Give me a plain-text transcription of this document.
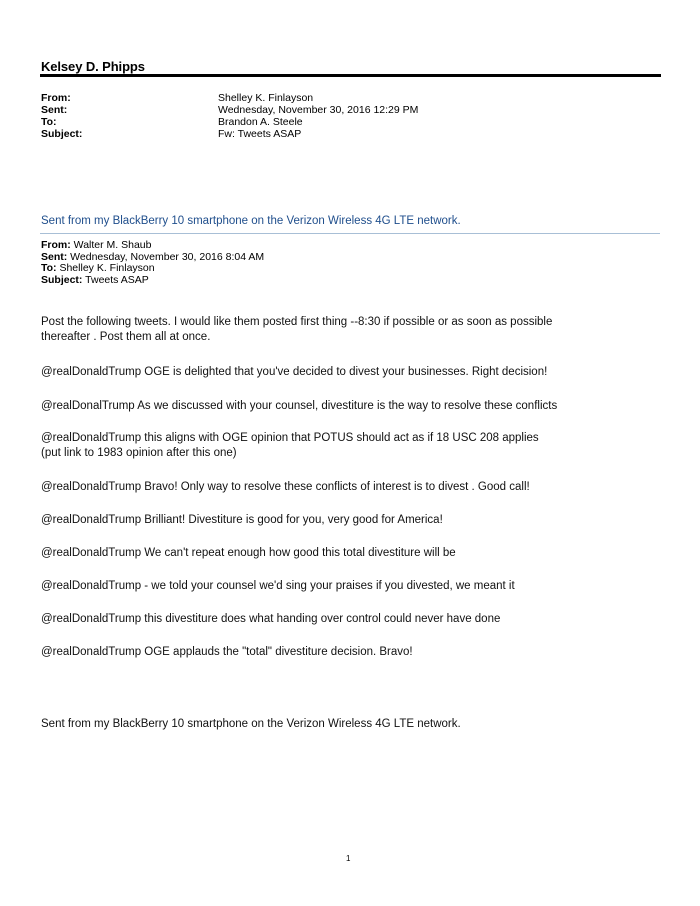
Kelsey D. Phipps
From:	Shelley K. Finlayson
Sent:	Wednesday, November 30, 2016 12:29 PM
To:	Brandon A. Steele
Subject:	Fw: Tweets ASAP
Sent from my BlackBerry 10 smartphone on the Verizon Wireless 4G LTE network.
From: Walter M. Shaub
Sent: Wednesday, November 30, 2016 8:04 AM
To: Shelley K. Finlayson
Subject: Tweets ASAP
Post the following tweets. I would like them posted first thing --8:30 if possible or as soon as possible
thereafter . Post them all at once.
@realDonaldTrump OGE is delighted that you've decided to divest your businesses. Right decision!
@realDonalTrump As we discussed with your counsel, divestiture is the way to resolve these conflicts
@realDonaldTrump this aligns with OGE opinion that POTUS should act as if 18 USC 208 applies
(put link to 1983 opinion after this one)
@realDonaldTrump Bravo! Only way to resolve these conflicts of interest is to divest . Good call!
@realDonaldTrump Brilliant! Divestiture is good for you, very good for America!
@realDonaldTrump We can't repeat enough how good this total divestiture will be
@realDonaldTrump - we told your counsel we'd sing your praises if you divested, we meant it
@realDonaldTrump this divestiture does what handing over control could never have done
@realDonaldTrump OGE applauds the "total" divestiture decision. Bravo!
Sent from my BlackBerry 10 smartphone on the Verizon Wireless 4G LTE network.
1
